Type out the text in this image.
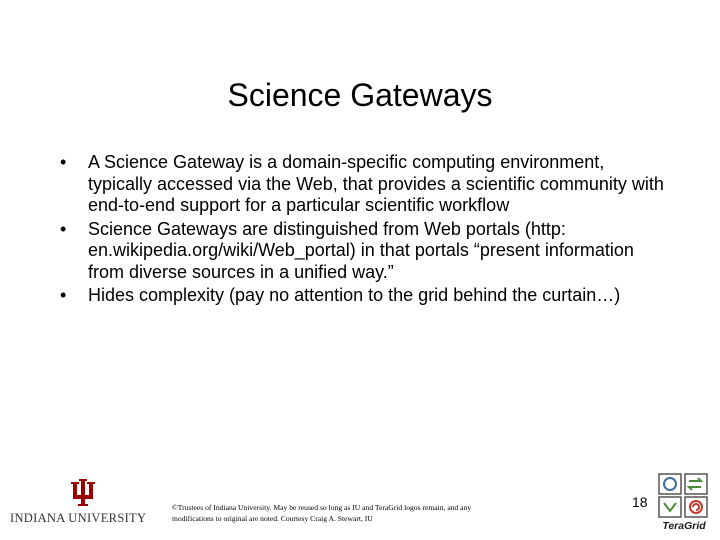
Science Gateways
• A Science Gateway is a domain-specific computing environment, typically accessed via the Web, that provides a scientific community with end-to-end support for a particular scientific workflow
• Science Gateways are distinguished from Web portals (http: en.wikipedia.org/wiki/Web_portal) in that portals “present information from diverse sources in a unified way.”
• Hides complexity (pay no attention to the grid behind the curtain…)
INDIANA UNIVERSITY
©Trustees of Indiana University. May be reused so long as IU and TeraGrid logos remain, and any modifications to original are noted. Courtesy Craig A. Stewart, IU
18
TeraGrid
